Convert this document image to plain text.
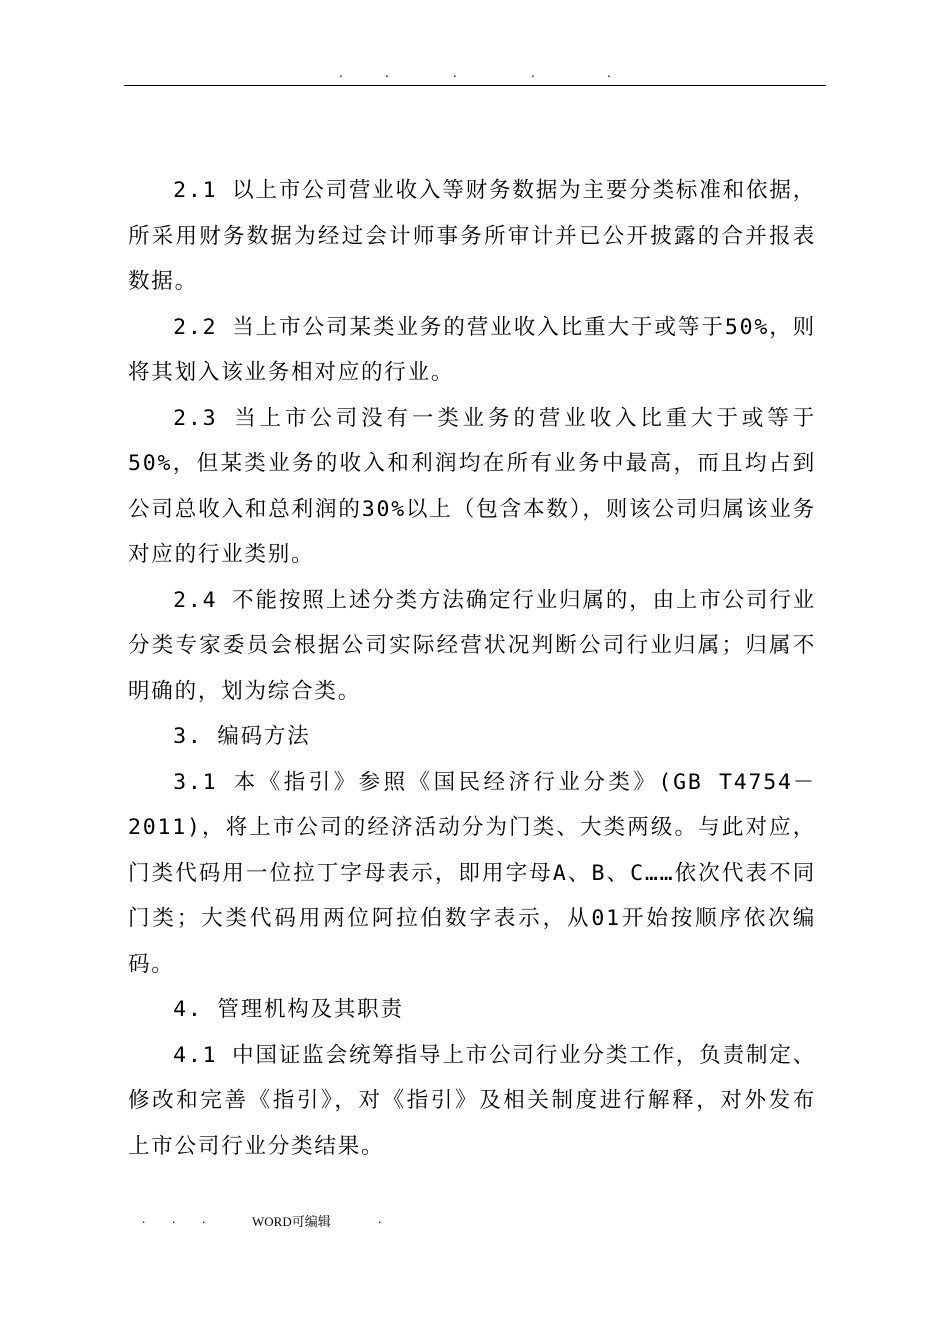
.	.	.	.	.

2.1 以上市公司营业收入等财务数据为主要分类标准和依据，所采用财务数据为经过会计师事务所审计并已公开披露的合并报表数据。

2.2 当上市公司某类业务的营业收入比重大于或等于50%，则将其划入该业务相对应的行业。

2.3 当上市公司没有一类业务的营业收入比重大于或等于50%，但某类业务的收入和利润均在所有业务中最高，而且均占到公司总收入和总利润的30%以上（包含本数），则该公司归属该业务对应的行业类别。

2.4 不能按照上述分类方法确定行业归属的，由上市公司行业分类专家委员会根据公司实际经营状况判断公司行业归属；归属不明确的，划为综合类。

3. 编码方法

3.1 本《指引》参照《国民经济行业分类》(GB T4754－2011)，将上市公司的经济活动分为门类、大类两级。与此对应，门类代码用一位拉丁字母表示，即用字母A、B、C……依次代表不同门类；大类代码用两位阿拉伯数字表示，从01开始按顺序依次编码。

4. 管理机构及其职责

4.1 中国证监会统筹指导上市公司行业分类工作，负责制定、修改和完善《指引》，对《指引》及相关制度进行解释，对外发布上市公司行业分类结果。

. . .	WORD可编辑	.
